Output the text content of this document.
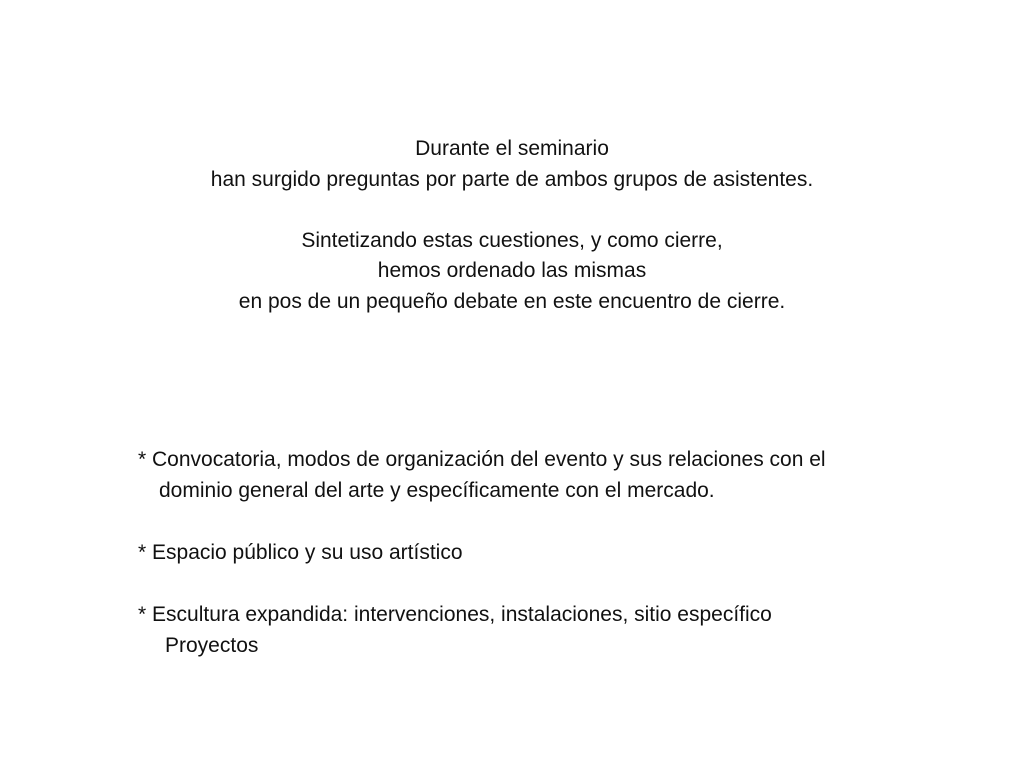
Durante el seminario
han surgido preguntas por parte de ambos grupos de asistentes.
Sintetizando estas cuestiones, y como cierre,
hemos ordenado las mismas
en pos de un pequeño debate en este encuentro de cierre.
* Convocatoria, modos de organización del evento y sus relaciones con el
dominio general del arte y específicamente con el mercado.
* Espacio público y su uso artístico
* Escultura expandida: intervenciones, instalaciones, sitio específico
Proyectos
